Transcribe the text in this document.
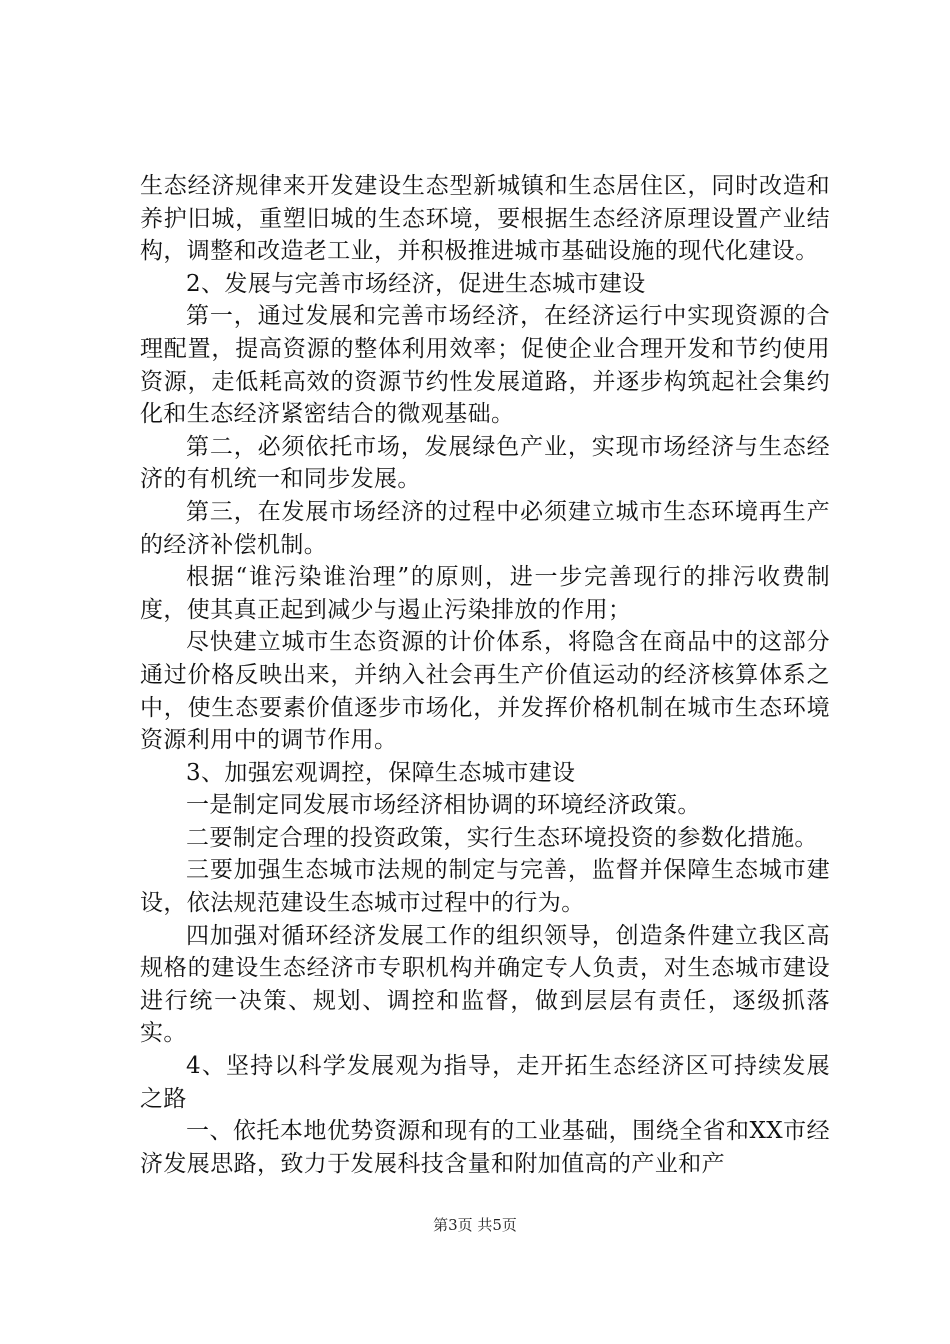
生态经济规律来开发建设生态型新城镇和生态居住区，同时改造和养护旧城，重塑旧城的生态环境，要根据生态经济原理设置产业结构，调整和改造老工业，并积极推进城市基础设施的现代化建设。

2、发展与完善市场经济，促进生态城市建设

第一，通过发展和完善市场经济，在经济运行中实现资源的合理配置，提高资源的整体利用效率；促使企业合理开发和节约使用资源，走低耗高效的资源节约性发展道路，并逐步构筑起社会集约化和生态经济紧密结合的微观基础。

第二，必须依托市场，发展绿色产业，实现市场经济与生态经济的有机统一和同步发展。

第三，在发展市场经济的过程中必须建立城市生态环境再生产的经济补偿机制。

根据“谁污染谁治理”的原则，进一步完善现行的排污收费制度，使其真正起到减少与遏止污染排放的作用；

尽快建立城市生态资源的计价体系，将隐含在商品中的这部分通过价格反映出来，并纳入社会再生产价值运动的经济核算体系之中，使生态要素价值逐步市场化，并发挥价格机制在城市生态环境资源利用中的调节作用。

3、加强宏观调控，保障生态城市建设

一是制定同发展市场经济相协调的环境经济政策。

二要制定合理的投资政策，实行生态环境投资的参数化措施。

三要加强生态城市法规的制定与完善，监督并保障生态城市建设，依法规范建设生态城市过程中的行为。

四加强对循环经济发展工作的组织领导，创造条件建立我区高规格的建设生态经济市专职机构并确定专人负责，对生态城市建设进行统一决策、规划、调控和监督，做到层层有责任，逐级抓落实。

4、坚持以科学发展观为指导，走开拓生态经济区可持续发展之路

一、依托本地优势资源和现有的工业基础，围绕全省和XX市经济发展思路，致力于发展科技含量和附加值高的产业和产

第3页 共5页
